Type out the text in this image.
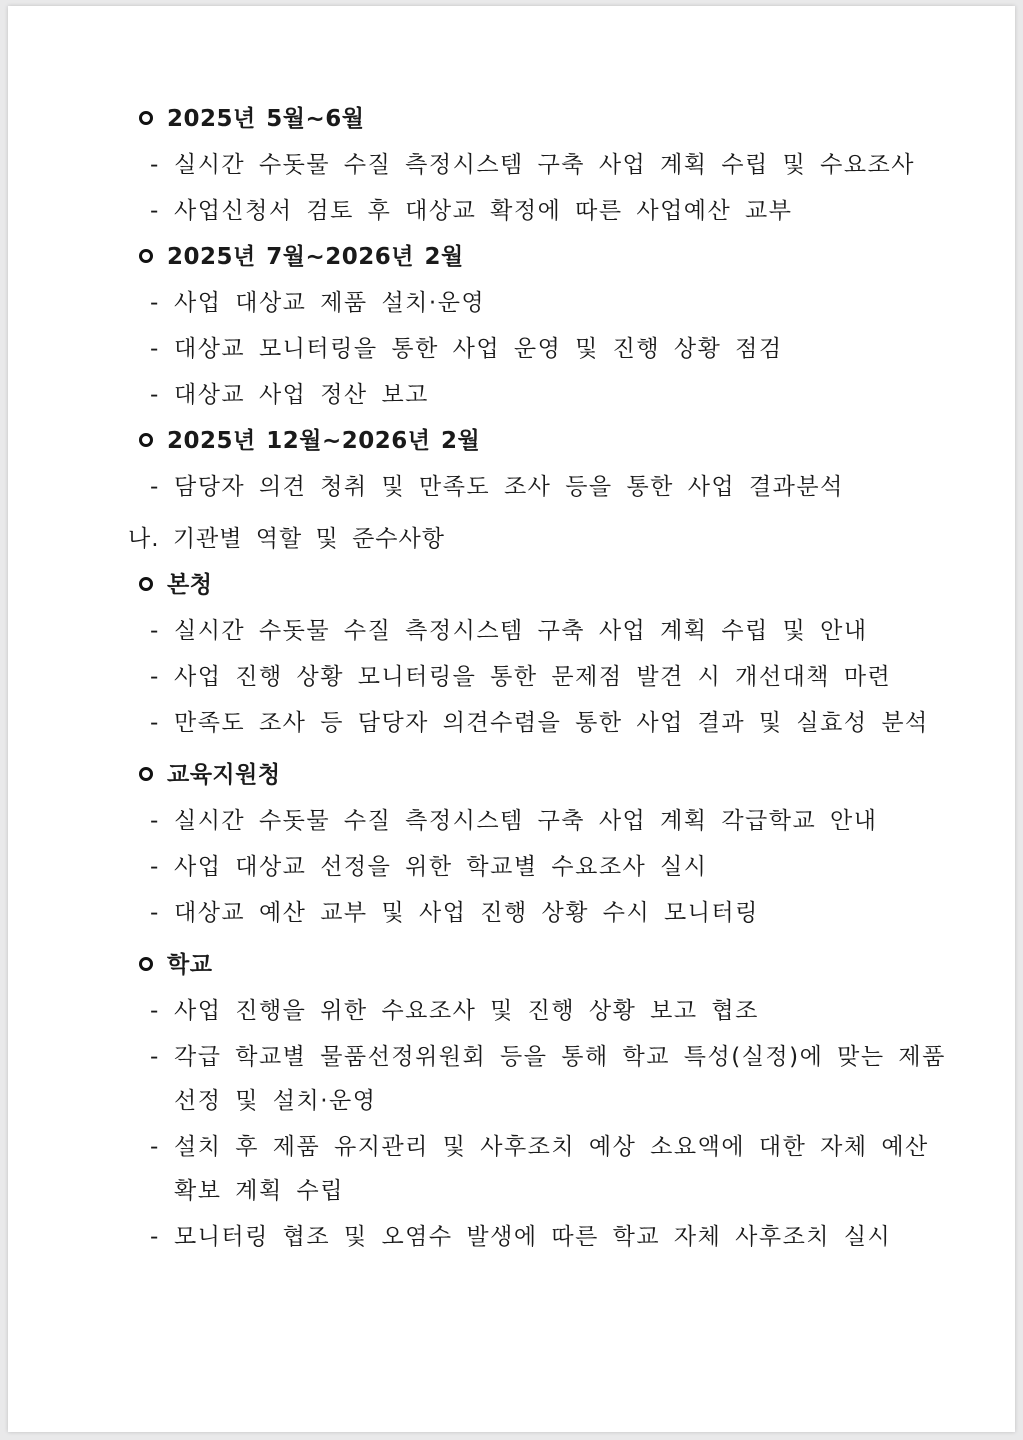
2025년 5월~6월
- 실시간 수돗물 수질 측정시스템 구축 사업 계획 수립 및 수요조사
- 사업신청서 검토 후 대상교 확정에 따른 사업예산 교부
2025년 7월~2026년 2월
- 사업 대상교 제품 설치·운영
- 대상교 모니터링을 통한 사업 운영 및 진행 상황 점검
- 대상교 사업 정산 보고
2025년 12월~2026년 2월
- 담당자 의견 청취 및 만족도 조사 등을 통한 사업 결과분석
나. 기관별 역할 및 준수사항
본청
- 실시간 수돗물 수질 측정시스템 구축 사업 계획 수립 및 안내
- 사업 진행 상황 모니터링을 통한 문제점 발견 시 개선대책 마련
- 만족도 조사 등 담당자 의견수렴을 통한 사업 결과 및 실효성 분석
교육지원청
- 실시간 수돗물 수질 측정시스템 구축 사업 계획 각급학교 안내
- 사업 대상교 선정을 위한 학교별 수요조사 실시
- 대상교 예산 교부 및 사업 진행 상황 수시 모니터링
학교
- 사업 진행을 위한 수요조사 및 진행 상황 보고 협조
- 각급 학교별 물품선정위원회 등을 통해 학교 특성(실정)에 맞는 제품
선정 및 설치·운영
- 설치 후 제품 유지관리 및 사후조치 예상 소요액에 대한 자체 예산
확보 계획 수립
- 모니터링 협조 및 오염수 발생에 따른 학교 자체 사후조치 실시
